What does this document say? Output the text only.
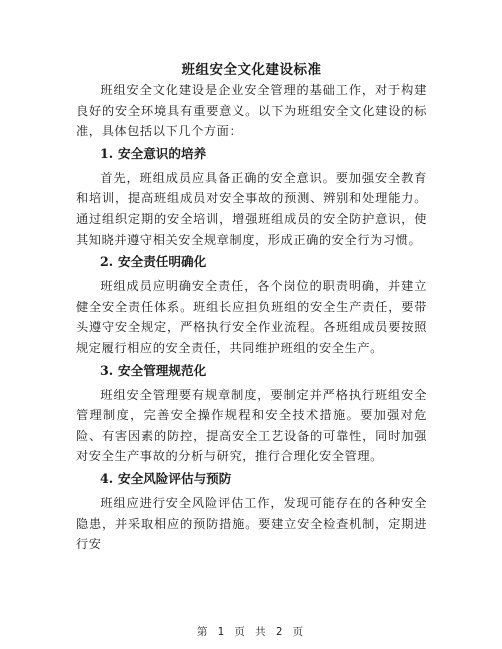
班组安全文化建设标准

班组安全文化建设是企业安全管理的基础工作，对于构建良好的安全环境具有重要意义。以下为班组安全文化建设的标准，具体包括以下几个方面：

1. 安全意识的培养

首先，班组成员应具备正确的安全意识。要加强安全教育和培训，提高班组成员对安全事故的预测、辨别和处理能力。通过组织定期的安全培训，增强班组成员的安全防护意识，使其知晓并遵守相关安全规章制度，形成正确的安全行为习惯。

2. 安全责任明确化

班组成员应明确安全责任，各个岗位的职责明确，并建立健全安全责任体系。班组长应担负班组的安全生产责任，要带头遵守安全规定，严格执行安全作业流程。各班组成员要按照规定履行相应的安全责任，共同维护班组的安全生产。

3. 安全管理规范化

班组安全管理要有规章制度，要制定并严格执行班组安全管理制度，完善安全操作规程和安全技术措施。要加强对危险、有害因素的防控，提高安全工艺设备的可靠性，同时加强对安全生产事故的分析与研究，推行合理化安全管理。

4. 安全风险评估与预防

班组应进行安全风险评估工作，发现可能存在的各种安全隐患，并采取相应的预防措施。要建立安全检查机制，定期进行安

第 1 页 共 2 页
